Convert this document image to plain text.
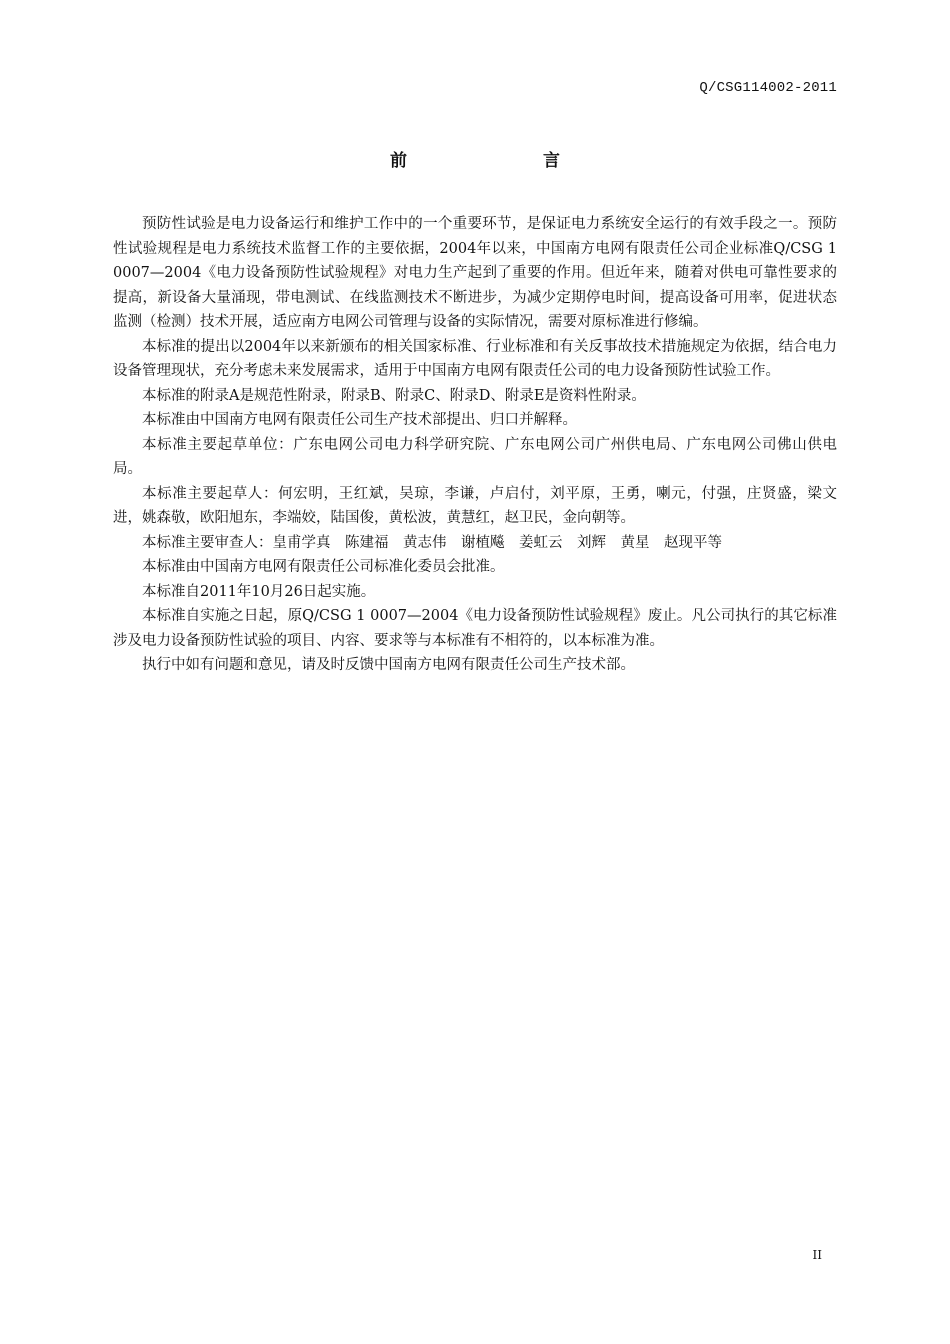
Q/CSG114002-2011
前　　言

预防性试验是电力设备运行和维护工作中的一个重要环节，是保证电力系统安全运行的有效手段之一。预防性试验规程是电力系统技术监督工作的主要依据，2004年以来，中国南方电网有限责任公司企业标准Q/CSG 1 0007—2004《电力设备预防性试验规程》对电力生产起到了重要的作用。但近年来，随着对供电可靠性要求的提高，新设备大量涌现，带电测试、在线监测技术不断进步，为减少定期停电时间，提高设备可用率，促进状态监测（检测）技术开展，适应南方电网公司管理与设备的实际情况，需要对原标准进行修编。

本标准的提出以2004年以来新颁布的相关国家标准、行业标准和有关反事故技术措施规定为依据，结合电力设备管理现状，充分考虑未来发展需求，适用于中国南方电网有限责任公司的电力设备预防性试验工作。

本标准的附录A是规范性附录，附录B、附录C、附录D、附录E是资料性附录。

本标准由中国南方电网有限责任公司生产技术部提出、归口并解释。

本标准主要起草单位：广东电网公司电力科学研究院、广东电网公司广州供电局、广东电网公司佛山供电局。

本标准主要起草人：何宏明，王红斌，吴琼，李谦，卢启付，刘平原，王勇，喇元，付强，庄贤盛，梁文进，姚森敬，欧阳旭东，李端姣，陆国俊，黄松波，黄慧红，赵卫民，金向朝等。

本标准主要审查人：皇甫学真　陈建福　黄志伟　谢植飚　姜虹云　刘辉　黄星　赵现平等

本标准由中国南方电网有限责任公司标准化委员会批准。

本标准自2011年10月26日起实施。

本标准自实施之日起，原Q/CSG 1 0007—2004《电力设备预防性试验规程》废止。凡公司执行的其它标准涉及电力设备预防性试验的项目、内容、要求等与本标准有不相符的，以本标准为准。

执行中如有问题和意见，请及时反馈中国南方电网有限责任公司生产技术部。

II
